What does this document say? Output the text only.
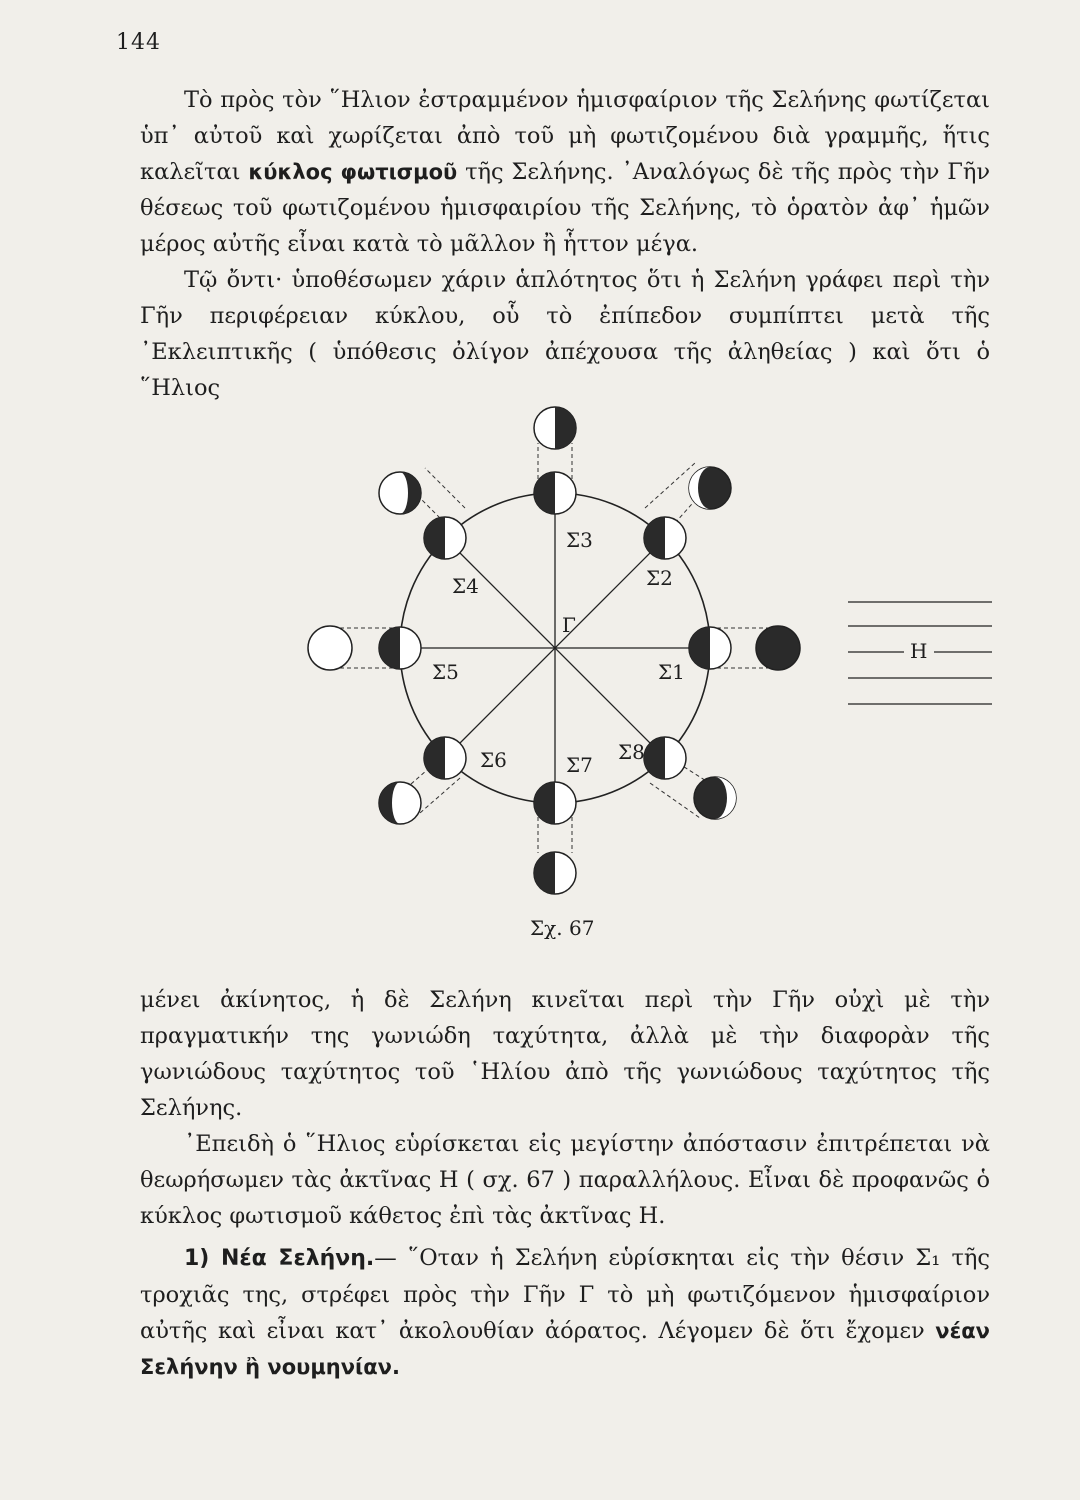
144

Τὸ πρὸς τὸν ῞Ηλιον ἐστραμμένον ἡμισφαίριον τῆς Σελήνης φωτίζεται ὑπ᾽ αὐτοῦ καὶ χωρίζεται ἀπὸ τοῦ μὴ φωτιζομένου διὰ γραμμῆς, ἥτις καλεῖται κύκλος φωτισμοῦ τῆς Σελήνης. ᾽Αναλόγως δὲ τῆς πρὸς τὴν Γῆν θέσεως τοῦ φωτιζομένου ἡμισφαιρίου τῆς Σελήνης, τὸ ὁρατὸν ἀφ᾽ ἡμῶν μέρος αὐτῆς εἶναι κατὰ τὸ μᾶλλον ἢ ἧττον μέγα.

Τῷ ὄντι· ὑποθέσωμεν χάριν ἁπλότητος ὅτι ἡ Σελήνη γράφει περὶ τὴν Γῆν περιφέρειαν κύκλου, οὗ τὸ ἐπίπεδον συμπίπτει μετὰ τῆς ᾽Εκλειπτικῆς ( ὑπόθεσις ὀλίγον ἀπέχουσα τῆς ἀληθείας ) καὶ ὅτι ὁ ῞Ηλιος

Γ
Σ1
Σ2
Σ3
Σ4
Σ5
Σ6	Σ7
Σ8
Η
Σχ. 67

μένει ἀκίνητος, ἡ δὲ Σελήνη κινεῖται περὶ τὴν Γῆν οὐχὶ μὲ τὴν πραγματικήν της γωνιώδη ταχύτητα, ἀλλὰ μὲ τὴν διαφορὰν τῆς γωνιώδους ταχύτητος τοῦ ῾Ηλίου ἀπὸ τῆς γωνιώδους ταχύτητος τῆς Σελήνης.

᾽Επειδὴ ὁ ῞Ηλιος εὑρίσκεται εἰς μεγίστην ἀπόστασιν ἐπιτρέπεται νὰ θεωρήσωμεν τὰς ἀκτῖνας Η ( σχ. 67 ) παραλλήλους. Εἶναι δὲ προφανῶς ὁ κύκλος φωτισμοῦ κάθετος ἐπὶ τὰς ἀκτῖνας Η.

1) Νέα Σελήνη.— ῞Οταν ἡ Σελήνη εὑρίσκηται εἰς τὴν θέσιν Σ₁ τῆς τροχιᾶς της, στρέφει πρὸς τὴν Γῆν Γ τὸ μὴ φωτιζόμενον ἡμισφαίριον αὐτῆς καὶ εἶναι κατ᾽ ἀκολουθίαν ἀόρατος. Λέγομεν δὲ ὅτι ἔχομεν νέαν Σελήνην ἢ νουμηνίαν.
